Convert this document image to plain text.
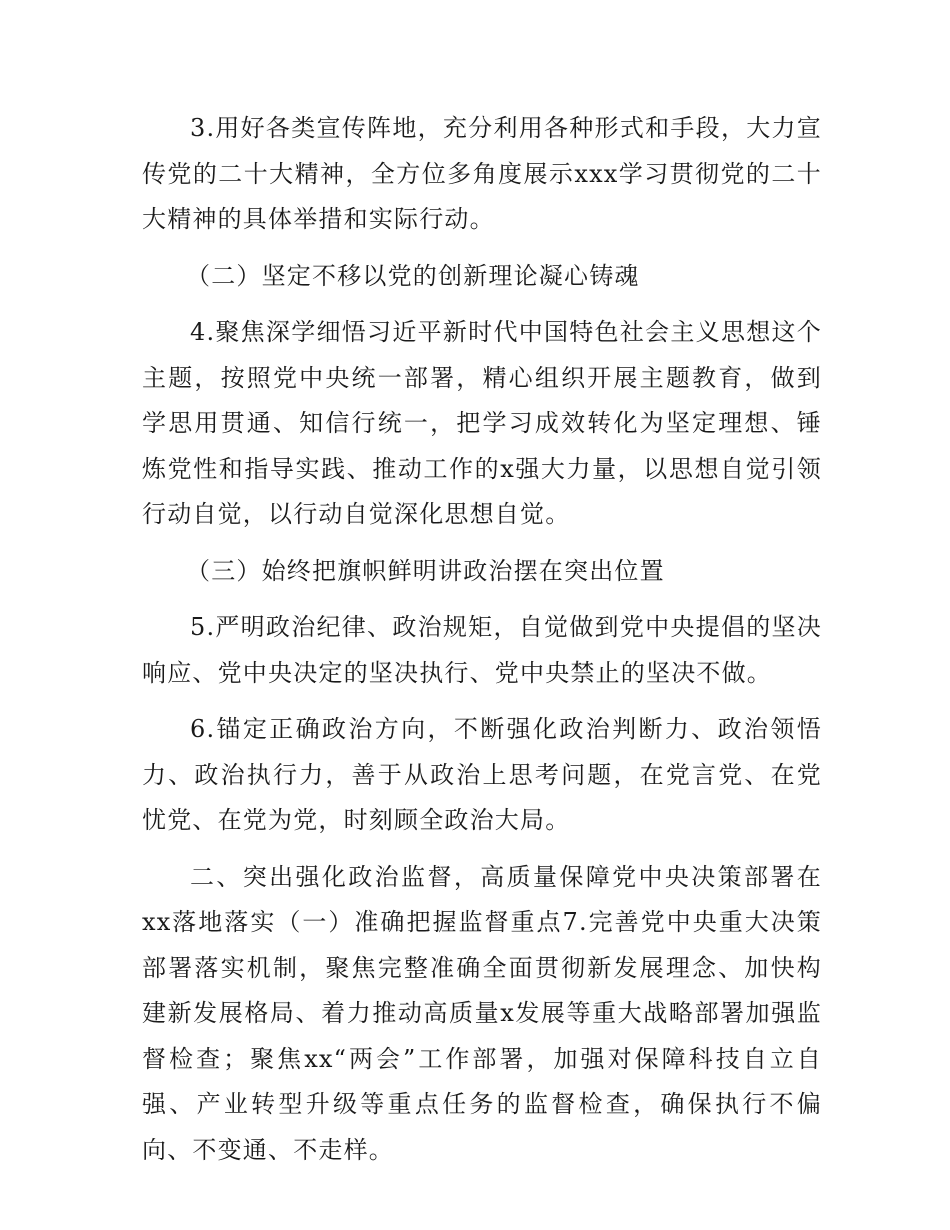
3.用好各类宣传阵地，充分利用各种形式和手段，大力宣传党的二十大精神，全方位多角度展示xxx学习贯彻党的二十大精神的具体举措和实际行动。

（二）坚定不移以党的创新理论凝心铸魂

4.聚焦深学细悟习近平新时代中国特色社会主义思想这个主题，按照党中央统一部署，精心组织开展主题教育，做到学思用贯通、知信行统一，把学习成效转化为坚定理想、锤炼党性和指导实践、推动工作的x强大力量，以思想自觉引领行动自觉，以行动自觉深化思想自觉。

（三）始终把旗帜鲜明讲政治摆在突出位置

5.严明政治纪律、政治规矩，自觉做到党中央提倡的坚决响应、党中央决定的坚决执行、党中央禁止的坚决不做。

6.锚定正确政治方向，不断强化政治判断力、政治领悟力、政治执行力，善于从政治上思考问题，在党言党、在党忧党、在党为党，时刻顾全政治大局。

二、突出强化政治监督，高质量保障党中央决策部署在xx落地落实（一）准确把握监督重点7.完善党中央重大决策部署落实机制，聚焦完整准确全面贯彻新发展理念、加快构建新发展格局、着力推动高质量x发展等重大战略部署加强监督检查；聚焦xx“两会”工作部署，加强对保障科技自立自强、产业转型升级等重点任务的监督检查，确保执行不偏向、不变通、不走样。
